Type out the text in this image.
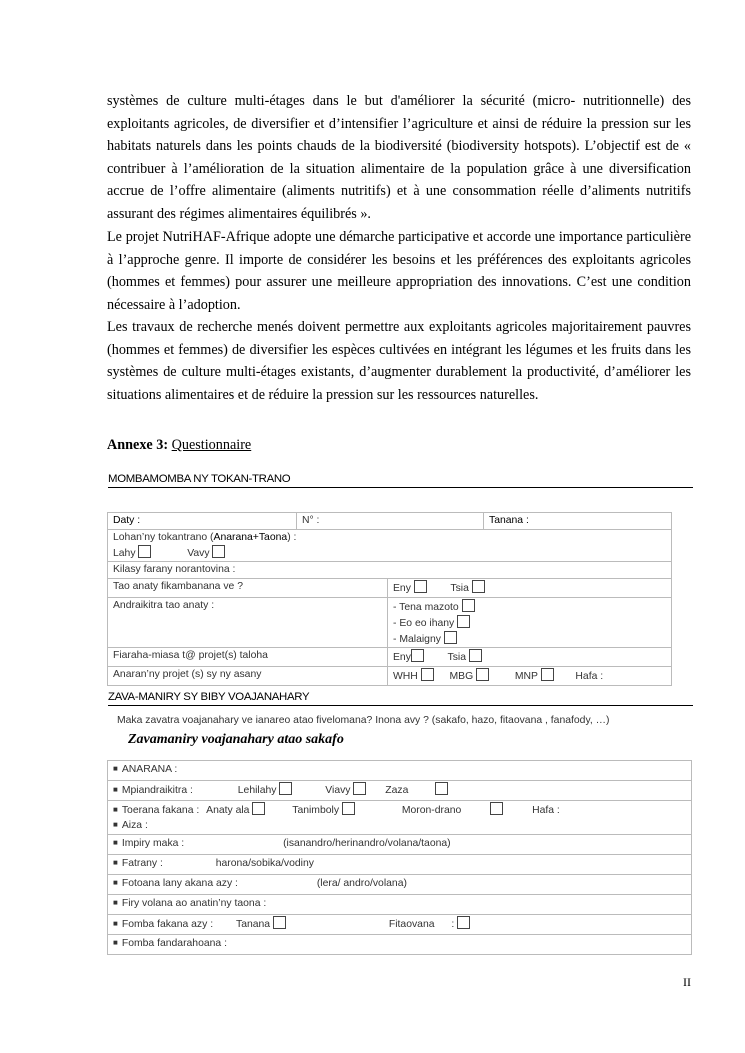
systèmes de culture multi-étages dans le but d'améliorer la sécurité (micro- nutritionnelle) des exploitants agricoles, de diversifier et d’intensifier l’agriculture et ainsi de réduire la pression sur les habitats naturels dans les points chauds de la biodiversité (biodiversity hotspots). L’objectif est de « contribuer à l’amélioration de la situation alimentaire de la population grâce à une diversification accrue de l’offre alimentaire (aliments nutritifs) et à une consommation réelle d’aliments nutritifs assurant des régimes alimentaires équilibrés ».
Le projet NutriHAF-Afrique adopte une démarche participative et accorde une importance particulière à l’approche genre. Il importe de considérer les besoins et les préférences des exploitants agricoles (hommes et femmes) pour assurer une meilleure appropriation des innovations. C’est une condition nécessaire à l’adoption.
Les travaux de recherche menés doivent permettre aux exploitants agricoles majoritairement pauvres (hommes et femmes) de diversifier les espèces cultivées en intégrant les légumes et les fruits dans les systèmes de culture multi-étages existants, d’augmenter durablement la productivité, d’améliorer les situations alimentaires et de réduire la pression sur les ressources naturelles.
Annexe 3: Questionnaire
MOMBAMOMBA NY TOKAN-TRANO
Daty :	N° :		Tanana :
Lohan’ny tokantrano (Anarana+Taona) :
Lahy Vavy			
Kilasy farany norantovina :			
Tao anaty fikambanana ve ?		Eny Tsia	
Andraikitra tao anaty :		- Tena mazoto
- Eo eo ihany
- Malaigny	
Fiaraha-miasa t@ projet(s) taloha		Eny Tsia	
Anaran’ny projet (s) sy ny asany		WHH MBG MNP Hafa :	
ZAVA-MANIRY SY BIBY VOAJANAHARY
Maka zavatra voajanahary ve ianareo atao fivelomana? Inona avy ? (sakafo, hazo, fitaovana , fanafody, …)
Zavamaniry voajanahary atao sakafo
■ ANARANA :
■ Mpiandraikitra :	Lehilahy	Viavy	Zaza
■ Toerana fakana : Anaty ala	Tanimboly	Moron-drano	Hafa :
■ Aiza :
■ Impiry maka :	(isanandro/herinandro/volana/taona)
■ Fatrany :	harona/sobika/vodiny
■ Fotoana lany akana azy :	(lera/ andro/volana)
■ Firy volana ao anatin’ny taona :
■ Fomba fakana azy : Tanana	Fitaovana :
■ Fomba fandarahoana :
II
